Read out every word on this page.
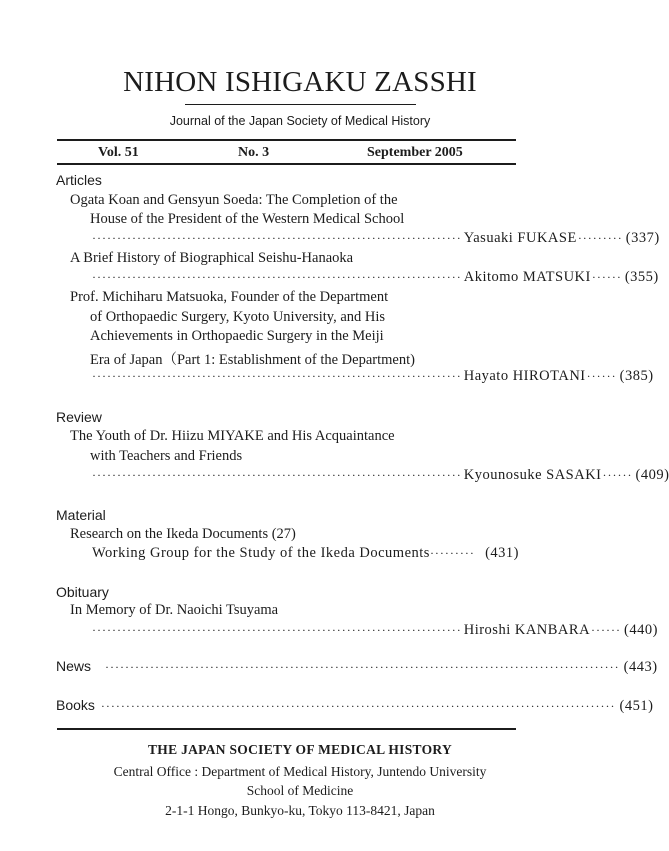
NIHON ISHIGAKU ZASSHI
Journal of the Japan Society of Medical History
Vol. 51	No. 3	September 2005
Articles
Ogata Koan and Gensyun Soeda: The Completion of the
House of the President of the Western Medical School
·········································································· Yasuaki FUKASE ········· (337)
A Brief History of Biographical Seishu-Hanaoka
·········································································· Akitomo MATSUKI ······ (355)
Prof. Michiharu Matsuoka, Founder of the Department
of Orthopaedic Surgery, Kyoto University, and His
Achievements in Orthopaedic Surgery in the Meiji
Era of Japan（Part 1: Establishment of the Department)
·········································································· Hayato HIROTANI ······ (385)
Review
The Youth of Dr. Hiizu MIYAKE and His Acquaintance
with Teachers and Friends
·········································································· Kyounosuke SASAKI ······ (409)
Material
Research on the Ikeda Documents (27)
Working Group for the Study of the Ikeda Documents ········· (431)
Obituary
In Memory of Dr. Naoichi Tsuyama
·········································································· Hiroshi KANBARA ······ (440)
News	······································································································· (443)
Books ······································································································· (451)
THE JAPAN SOCIETY OF MEDICAL HISTORY
Central Office : Department of Medical History, Juntendo University
School of Medicine
2-1-1 Hongo, Bunkyo-ku, Tokyo 113-8421, Japan
